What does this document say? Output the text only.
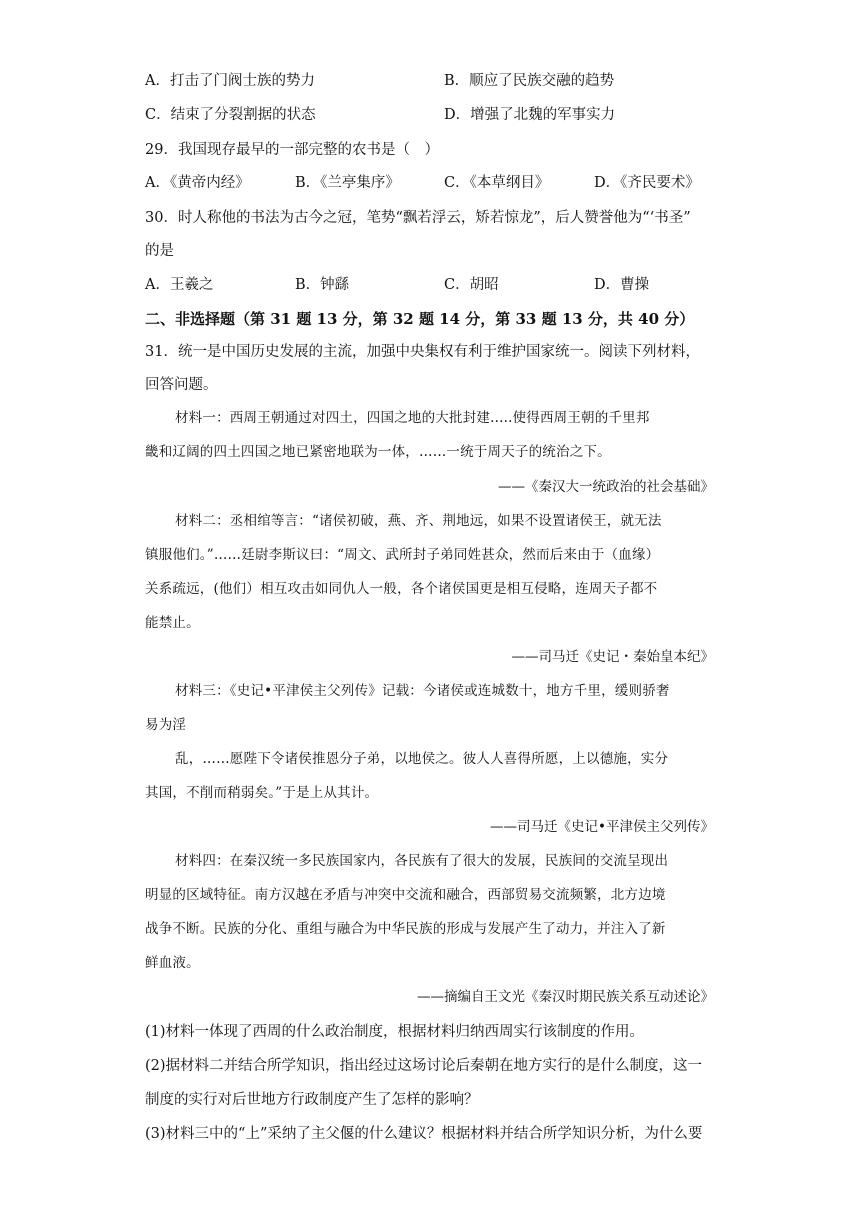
A．打击了门阀士族的势力	B．顺应了民族交融的趋势
C．结束了分裂割据的状态	D．增强了北魏的军事实力
29．我国现存最早的一部完整的农书是（　）
A．《黄帝内经》	B．《兰亭集序》	C．《本草纲目》	D．《齐民要术》
30．时人称他的书法为古今之冠，笔势“飘若浮云，矫若惊龙”，后人赞誉他为“‘书圣”
的是
A．王羲之	B．钟繇	C．胡昭	D．曹操
二、非选择题（第 31 题 13 分，第 32 题 14 分，第 33 题 13 分，共 40 分）
31．统一是中国历史发展的主流，加强中央集权有利于维护国家统一。阅读下列材料，
回答问题。
材料一：西周王朝通过对四土，四国之地的大批封建.....使得西周王朝的千里邦
畿和辽阔的四土四国之地已紧密地联为一体，……一统于周天子的统治之下。
——《秦汉大一统政治的社会基础》
材料二：丞相绾等言：“诸侯初破，燕、齐、荆地远，如果不设置诸侯王，就无法
镇服他们。”……廷尉李斯议曰：“周文、武所封子弟同姓甚众，然而后来由于（血缘）
关系疏远，(他们）相互攻击如同仇人一般，各个诸侯国更是相互侵略，连周天子都不
能禁止。
——司马迁《史记・秦始皇本纪》
材料三：《史记•平津侯主父列传》记载：今诸侯或连城数十，地方千里，缓则骄奢
易为淫
乱，……愿陛下令诸侯推恩分子弟，以地侯之。彼人人喜得所愿，上以德施，实分
其国，不削而稍弱矣。”于是上从其计。
——司马迁《史记•平津侯主父列传》
材料四：在秦汉统一多民族国家内，各民族有了很大的发展，民族间的交流呈现出
明显的区域特征。南方汉越在矛盾与冲突中交流和融合，西部贸易交流频繁，北方边境
战争不断。民族的分化、重组与融合为中华民族的形成与发展产生了动力，并注入了新
鲜血液。
——摘编自王文光《秦汉时期民族关系互动述论》
(1)材料一体现了西周的什么政治制度，根据材料归纳西周实行该制度的作用。
(2)据材料二并结合所学知识，指出经过这场讨论后秦朝在地方实行的是什么制度，这一
制度的实行对后世地方行政制度产生了怎样的影响？
(3)材料三中的“上”采纳了主父偃的什么建议？根据材料并结合所学知识分析，为什么要
